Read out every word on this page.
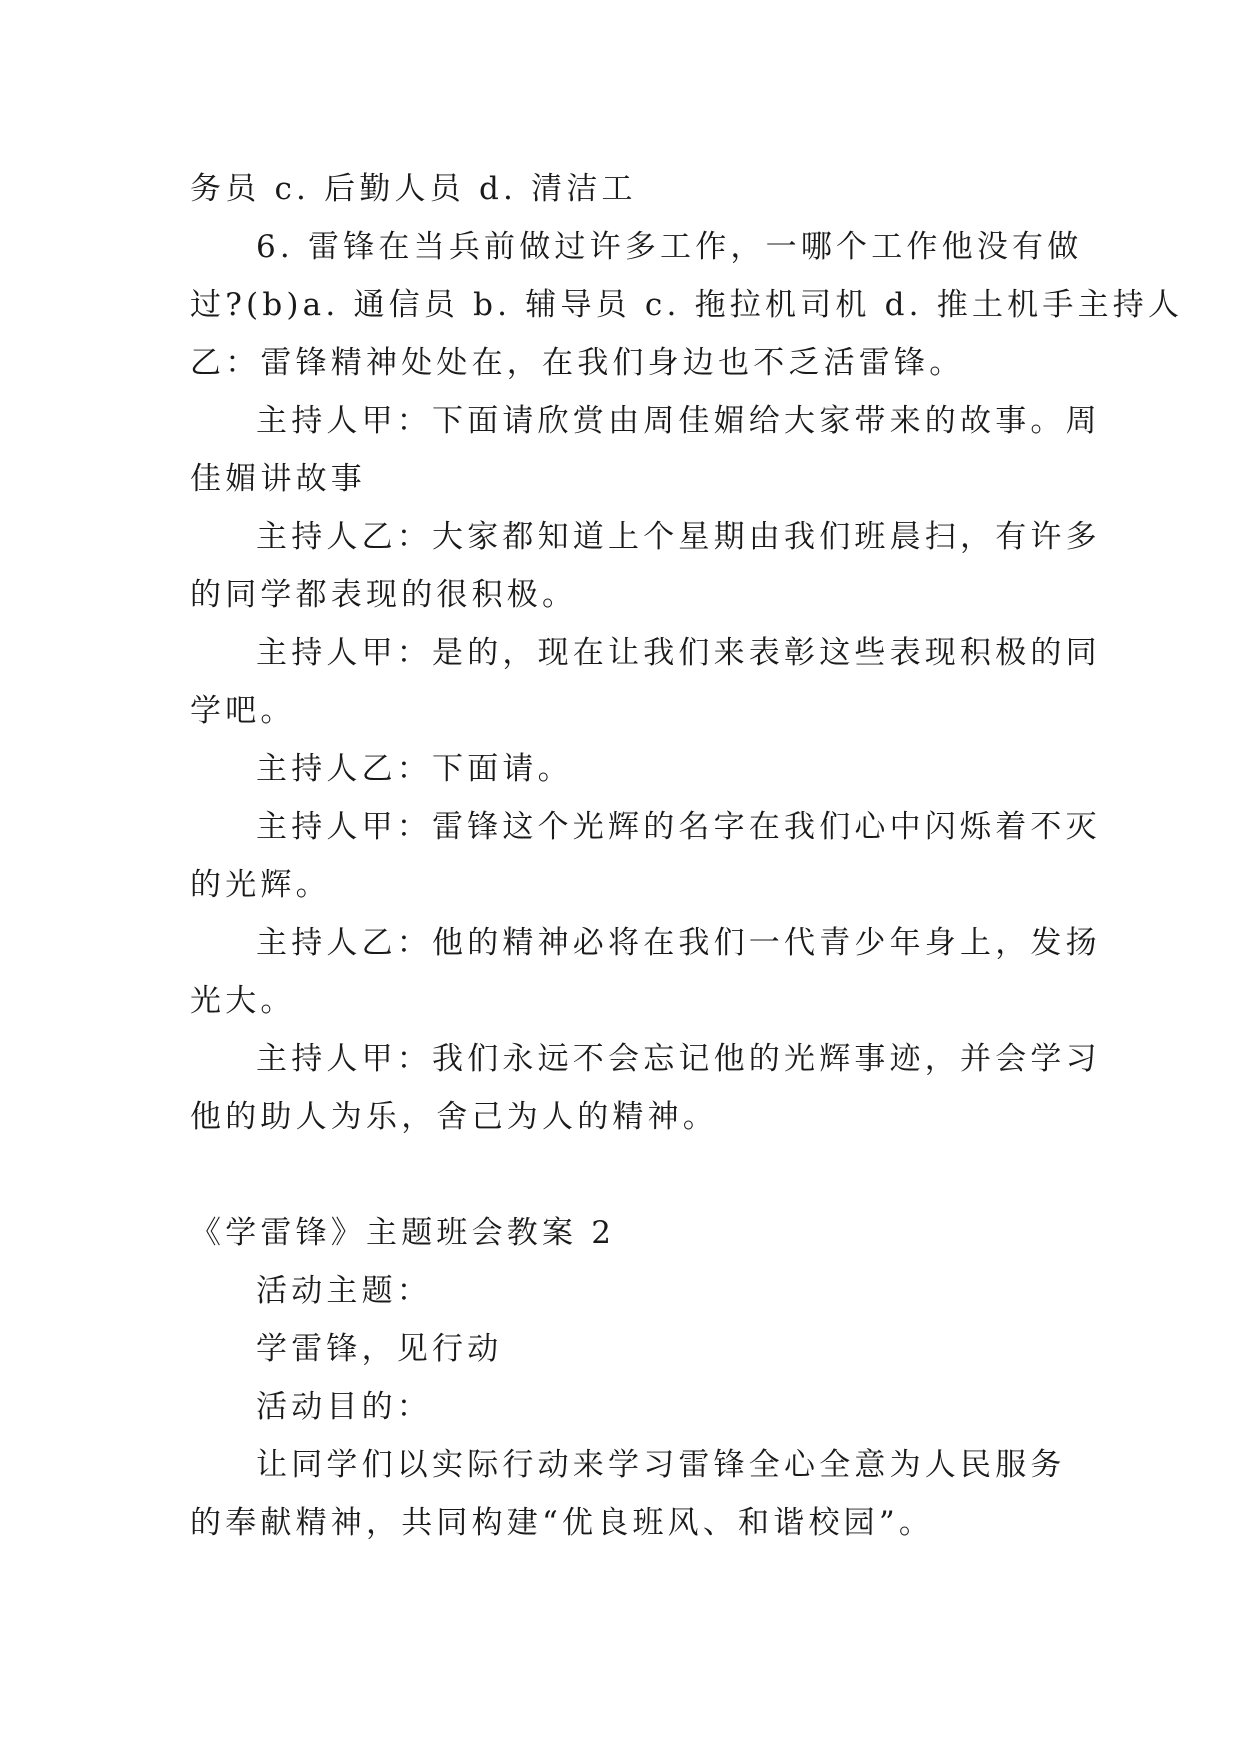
务员 c. 后勤人员 d. 清洁工
6. 雷锋在当兵前做过许多工作，一哪个工作他没有做
过?(b)a. 通信员 b. 辅导员 c. 拖拉机司机 d. 推土机手主持人
乙：雷锋精神处处在，在我们身边也不乏活雷锋。
主持人甲：下面请欣赏由周佳媚给大家带来的故事。周
佳媚讲故事
主持人乙：大家都知道上个星期由我们班晨扫，有许多
的同学都表现的很积极。
主持人甲：是的，现在让我们来表彰这些表现积极的同
学吧。
主持人乙：下面请。
主持人甲：雷锋这个光辉的名字在我们心中闪烁着不灭
的光辉。
主持人乙：他的精神必将在我们一代青少年身上，发扬
光大。
主持人甲：我们永远不会忘记他的光辉事迹，并会学习
他的助人为乐，舍己为人的精神。
《学雷锋》主题班会教案 2
活动主题：
学雷锋，见行动
活动目的：
让同学们以实际行动来学习雷锋全心全意为人民服务
的奉献精神，共同构建“优良班风、和谐校园”。
